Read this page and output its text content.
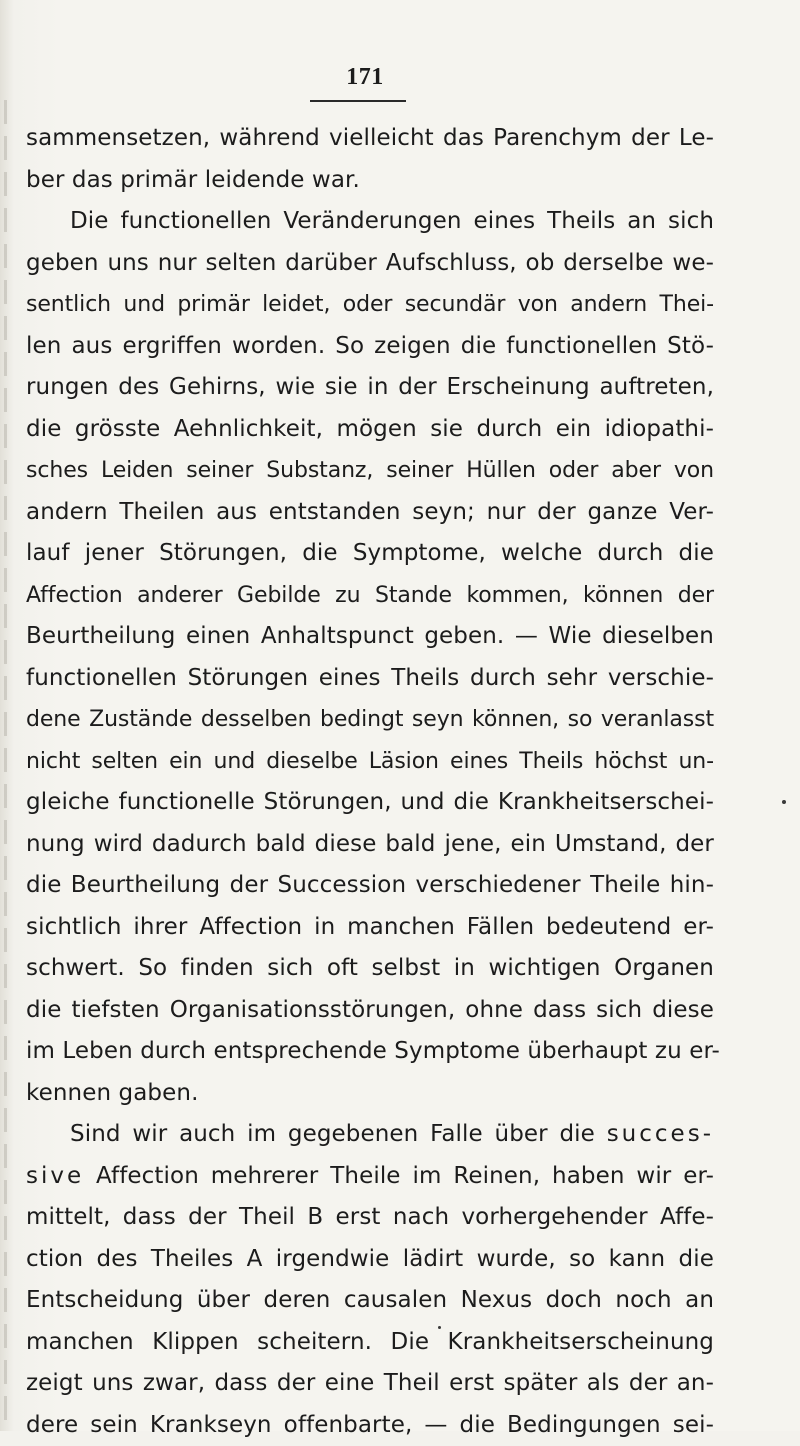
171
sammensetzen, während vielleicht das Parenchym der Le-
ber das primär leidende war.
Die functionellen Veränderungen eines Theils an sich
geben uns nur selten darüber Aufschluss, ob derselbe we-
sentlich und primär leidet, oder secundär von andern Thei-
len aus ergriffen worden. So zeigen die functionellen Stö-
rungen des Gehirns, wie sie in der Erscheinung auftreten,
die grösste Aehnlichkeit, mögen sie durch ein idiopathi-
sches Leiden seiner Substanz, seiner Hüllen oder aber von
andern Theilen aus entstanden seyn; nur der ganze Ver-
lauf jener Störungen, die Symptome, welche durch die
Affection anderer Gebilde zu Stande kommen, können der
Beurtheilung einen Anhaltspunct geben. — Wie dieselben
functionellen Störungen eines Theils durch sehr verschie-
dene Zustände desselben bedingt seyn können, so veranlasst
nicht selten ein und dieselbe Läsion eines Theils höchst un-
gleiche functionelle Störungen, und die Krankheitserschei-
nung wird dadurch bald diese bald jene, ein Umstand, der
die Beurtheilung der Succession verschiedener Theile hin-
sichtlich ihrer Affection in manchen Fällen bedeutend er-
schwert. So finden sich oft selbst in wichtigen Organen
die tiefsten Organisationsstörungen, ohne dass sich diese
im Leben durch entsprechende Symptome überhaupt zu er-
kennen gaben.
Sind wir auch im gegebenen Falle über die succes-
sive Affection mehrerer Theile im Reinen, haben wir er-
mittelt, dass der Theil B erst nach vorhergehender Affe-
ction des Theiles A irgendwie lädirt wurde, so kann die
Entscheidung über deren causalen Nexus doch noch an
manchen Klippen scheitern. Die Krankheitserscheinung
zeigt uns zwar, dass der eine Theil erst später als der an-
dere sein Krankseyn offenbarte, — die Bedingungen sei-
